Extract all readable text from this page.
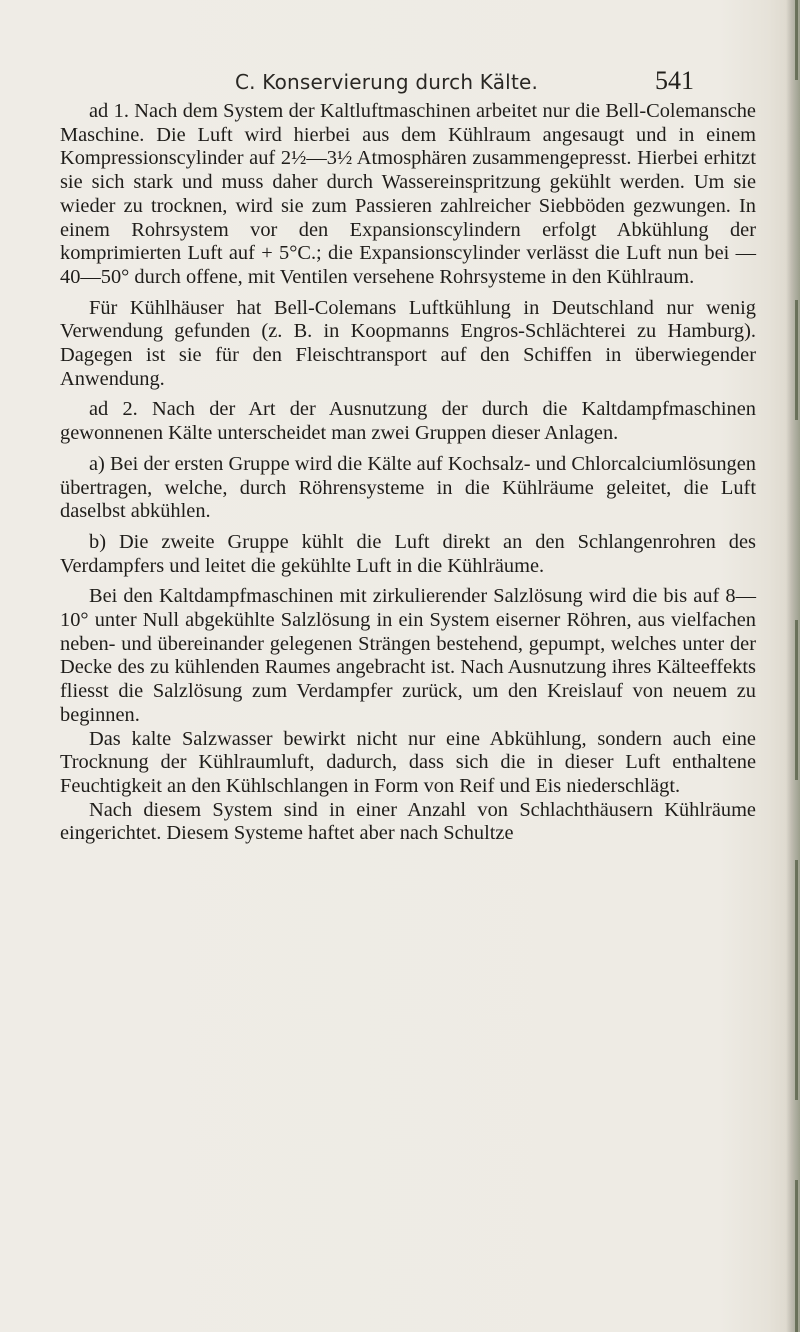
C. Konservierung durch Kälte.	541

ad 1. Nach dem System der Kaltluftmaschinen arbeitet nur die Bell-Colemansche Maschine. Die Luft wird hierbei aus dem Kühlraum angesaugt und in einem Kompressionscylinder auf 2½—3½ Atmosphären zusammengepresst. Hierbei erhitzt sie sich stark und muss daher durch Wassereinspritzung gekühlt werden. Um sie wieder zu trocknen, wird sie zum Passieren zahlreicher Siebböden gezwungen. In einem Rohrsystem vor den Expansionscylindern erfolgt Abkühlung der komprimierten Luft auf + 5°C.; die Expansionscylinder verlässt die Luft nun bei — 40—50° durch offene, mit Ventilen versehene Rohrsysteme in den Kühlraum.

Für Kühlhäuser hat Bell-Colemans Luftkühlung in Deutschland nur wenig Verwendung gefunden (z. B. in Koopmanns Engros-Schlächterei zu Hamburg). Dagegen ist sie für den Fleischtransport auf den Schiffen in überwiegender Anwendung.

ad 2. Nach der Art der Ausnutzung der durch die Kaltdampfmaschinen gewonnenen Kälte unterscheidet man zwei Gruppen dieser Anlagen.

a) Bei der ersten Gruppe wird die Kälte auf Kochsalz- und Chlorcalciumlösungen übertragen, welche, durch Röhrensysteme in die Kühlräume geleitet, die Luft daselbst abkühlen.

b) Die zweite Gruppe kühlt die Luft direkt an den Schlangenrohren des Verdampfers und leitet die gekühlte Luft in die Kühlräume.

Bei den Kaltdampfmaschinen mit zirkulierender Salzlösung wird die bis auf 8—10° unter Null abgekühlte Salzlösung in ein System eiserner Röhren, aus vielfachen neben- und übereinander gelegenen Strängen bestehend, gepumpt, welches unter der Decke des zu kühlenden Raumes angebracht ist. Nach Ausnutzung ihres Kälteeffekts fliesst die Salzlösung zum Verdampfer zurück, um den Kreislauf von neuem zu beginnen.

Das kalte Salzwasser bewirkt nicht nur eine Abkühlung, sondern auch eine Trocknung der Kühlraumluft, dadurch, dass sich die in dieser Luft enthaltene Feuchtigkeit an den Kühlschlangen in Form von Reif und Eis niederschlägt.

Nach diesem System sind in einer Anzahl von Schlachthäusern Kühlräume eingerichtet. Diesem Systeme haftet aber nach Schultze
